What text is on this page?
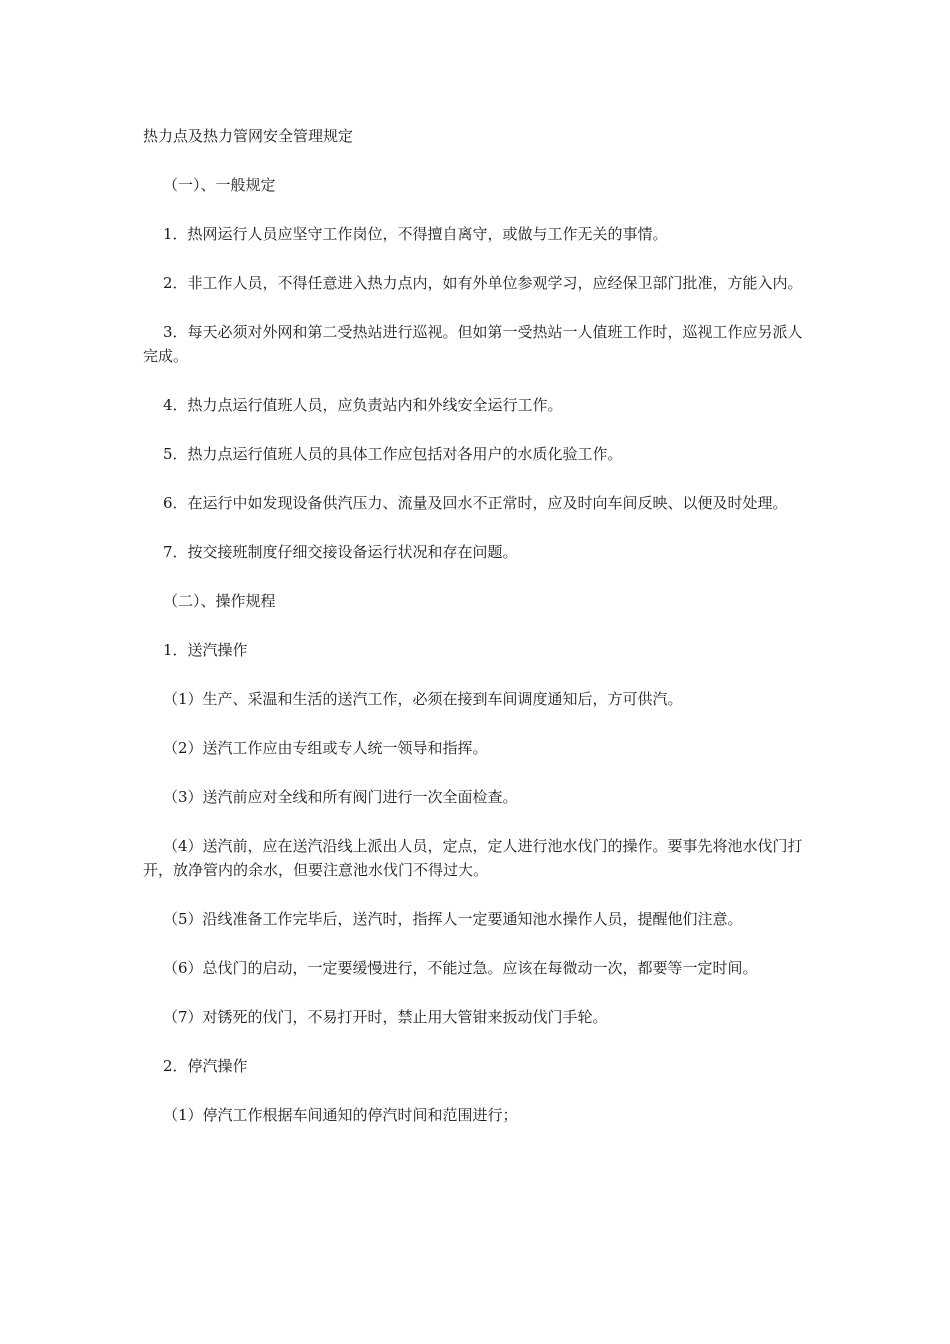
热力点及热力管网安全管理规定

（一）、一般规定

1．热网运行人员应坚守工作岗位，不得擅自离守，或做与工作无关的事情。

2．非工作人员，不得任意进入热力点内，如有外单位参观学习，应经保卫部门批准，方能入内。

3．每天必须对外网和第二受热站进行巡视。但如第一受热站一人值班工作时，巡视工作应另派人完成。

4．热力点运行值班人员，应负责站内和外线安全运行工作。

5．热力点运行值班人员的具体工作应包括对各用户的水质化验工作。

6．在运行中如发现设备供汽压力、流量及回水不正常时，应及时向车间反映、以便及时处理。

7．按交接班制度仔细交接设备运行状况和存在问题。

（二）、操作规程

1．送汽操作

（1）生产、采温和生活的送汽工作，必须在接到车间调度通知后，方可供汽。

（2）送汽工作应由专组或专人统一领导和指挥。

（3）送汽前应对全线和所有阀门进行一次全面检查。

（4）送汽前，应在送汽沿线上派出人员，定点，定人进行池水伐门的操作。要事先将池水伐门打开，放净管内的余水，但要注意池水伐门不得过大。

（5）沿线准备工作完毕后，送汽时，指挥人一定要通知池水操作人员，提醒他们注意。

（6）总伐门的启动，一定要缓慢进行，不能过急。应该在每微动一次，都要等一定时间。

（7）对锈死的伐门，不易打开时，禁止用大管钳来扳动伐门手轮。

2．停汽操作

（1）停汽工作根据车间通知的停汽时间和范围进行；
